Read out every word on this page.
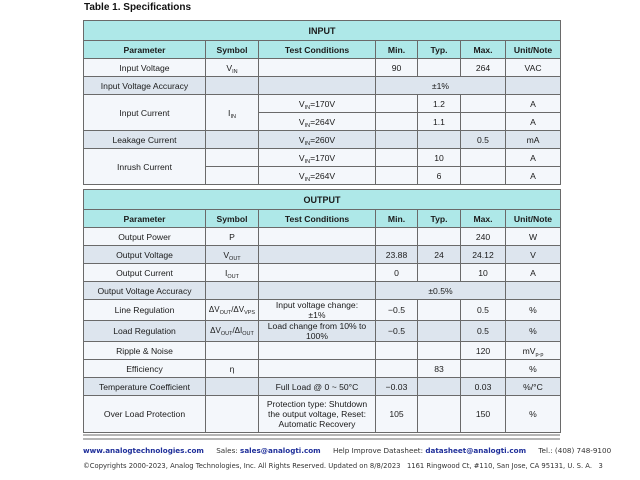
Table 1. Specifications
INPUT						
Parameter	Symbol	Test Conditions	Min.	Typ.	Max.	Unit/Note
Input Voltage	$V_{IN}$		90		264	VAC
Input Voltage Accuracy			±1%			
Input Current	$I_{IN}$	$V_{IN}=170V$		1.2		A
		$V_{IN}=264V$		1.1		A
Leakage Current		$V_{IN}=260V$			0.5	mA
Inrush Current		$V_{IN}=170V$		10		A
		$V_{IN}=264V$		6		A
OUTPUT						
Parameter	Symbol	Test Conditions	Min.	Typ.	Max.	Unit/Note
Output Power	P				240	W
Output Voltage	$V_{OUT}$		23.88	24	24.12	V
Output Current	$I_{OUT}$		0		10	A
Output Voltage Accuracy			±0.5%			
Line Regulation	$\Delta V_{OUT}/\Delta V_{VPS}$	Input voltage change: ±1%	−0.5		0.5	%
Load Regulation	$\Delta V_{OUT}/\Delta I_{OUT}$	Load change from 10% to 100%	−0.5		0.5	%
Ripple & Noise					120	$mV_{p-p}$
Efficiency	η			83		%
Temperature Coefficient		Full Load @ 0 ~ 50°C	−0.03		0.03	%/°C
Over Load Protection		Protection type: Shutdown the output voltage, Reset: Automatic Recovery	105		150	%
www.analogtechnologies.com Sales: sales@analogti.com Help Improve Datasheet: datasheet@analogti.com Tel.: (408) 748-9100
©Copyrights 2000-2023, Analog Technologies, Inc. All Rights Reserved. Updated on 8/8/2023 1161 Ringwood Ct, #110, San Jose, CA 95131, U. S. A. 3
